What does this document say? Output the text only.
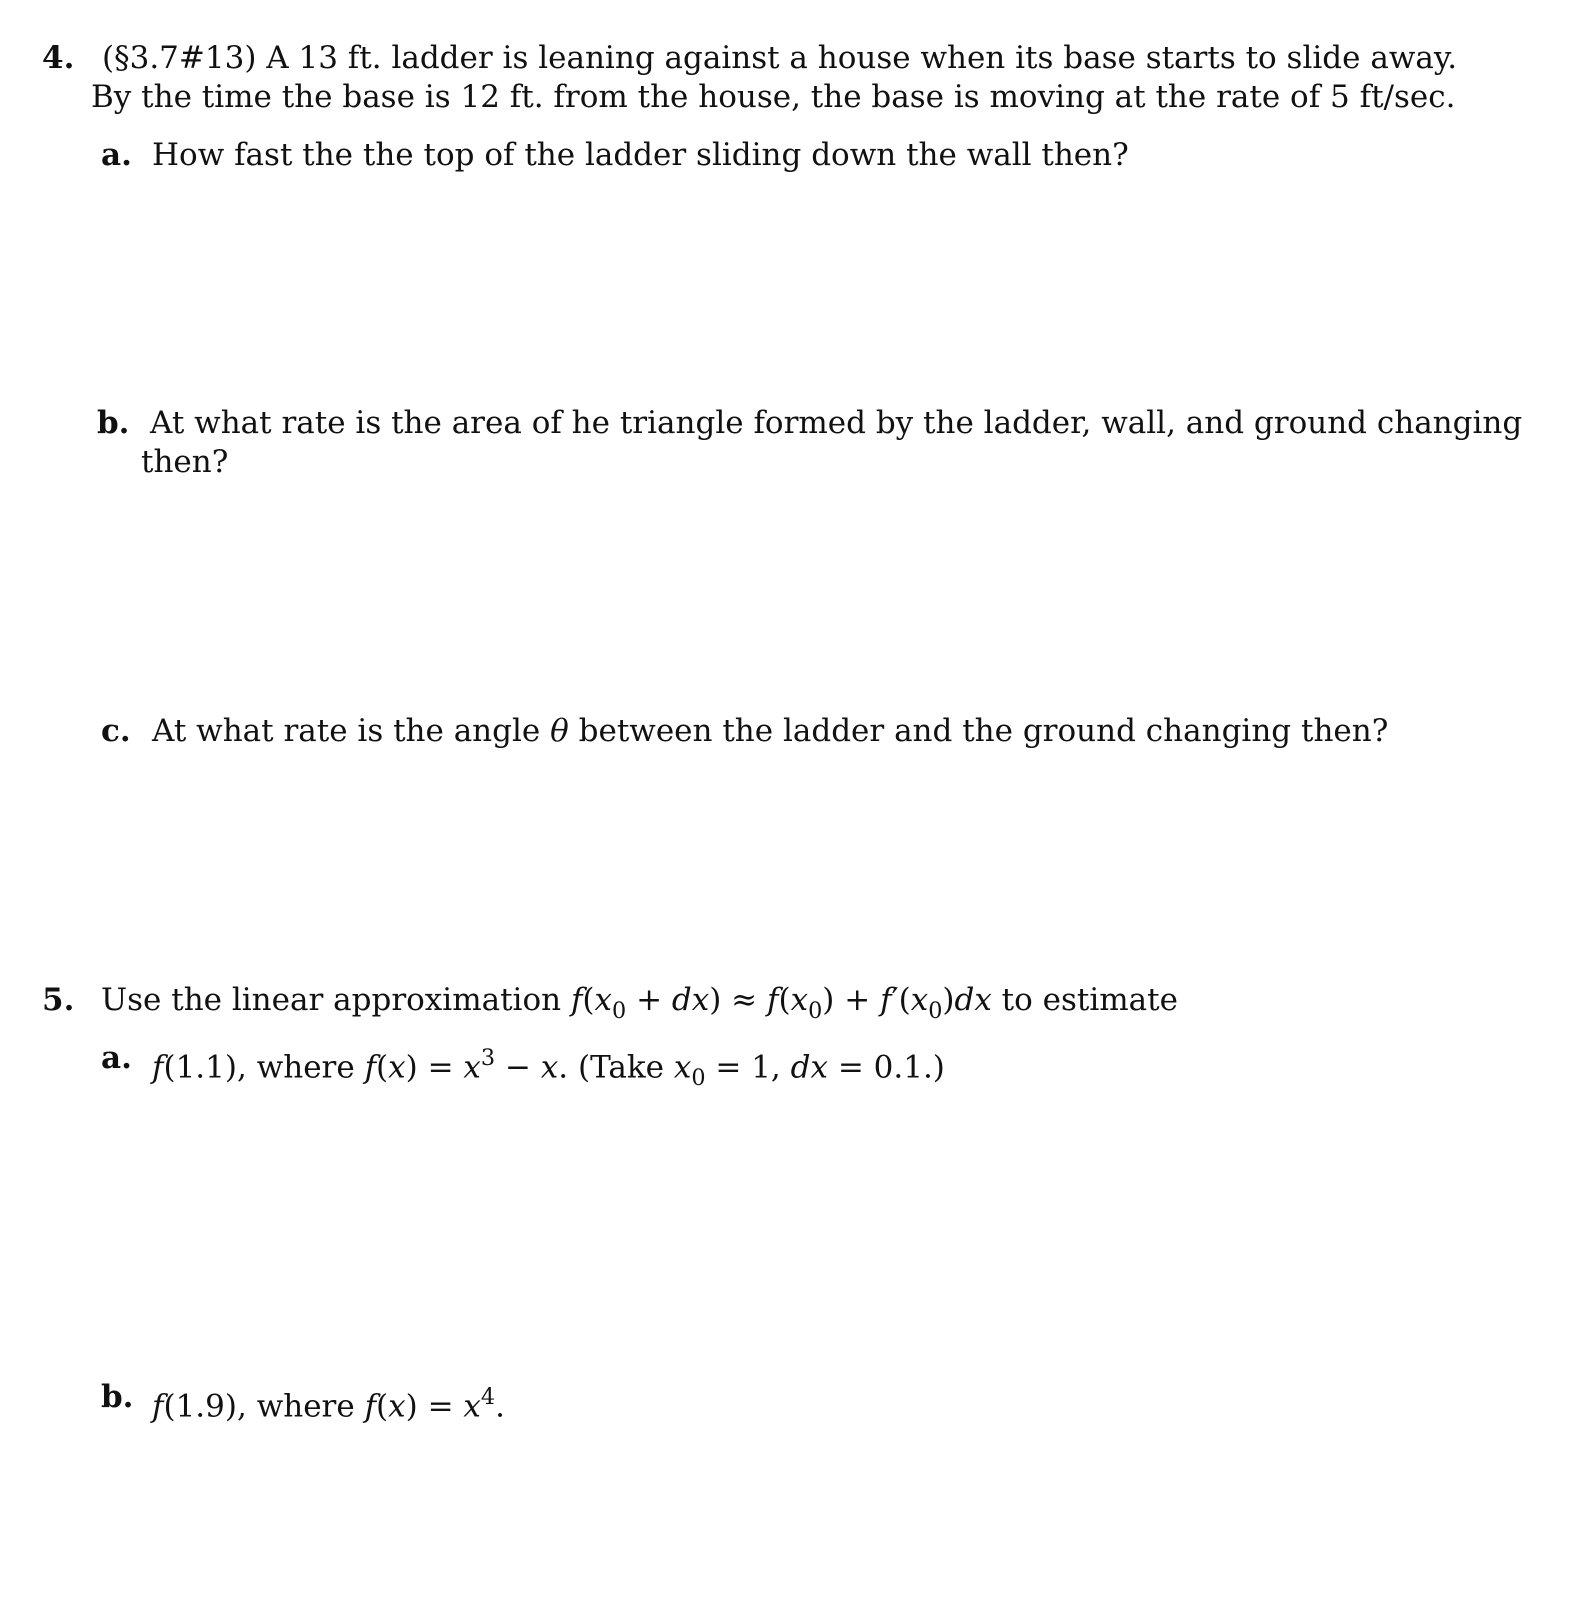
4. (§3.7#13) A 13 ft. ladder is leaning against a house when its base starts to slide away.
By the time the base is 12 ft. from the house, the base is moving at the rate of 5 ft/sec.
a. How fast the the top of the ladder sliding down the wall then?
b. At what rate is the area of he triangle formed by the ladder, wall, and ground changing
then?
c. At what rate is the angle θ between the ladder and the ground changing then?
5. Use the linear approximation $f(x_0 + dx) \approx f(x_0) + f'(x_0)dx$ to estimate
a. f(1.1), where $f(x) = x^3 - x$. (Take $x_0 = 1$, dx = 0.1.)
b. f(1.9), where $f(x) = x^4$.
